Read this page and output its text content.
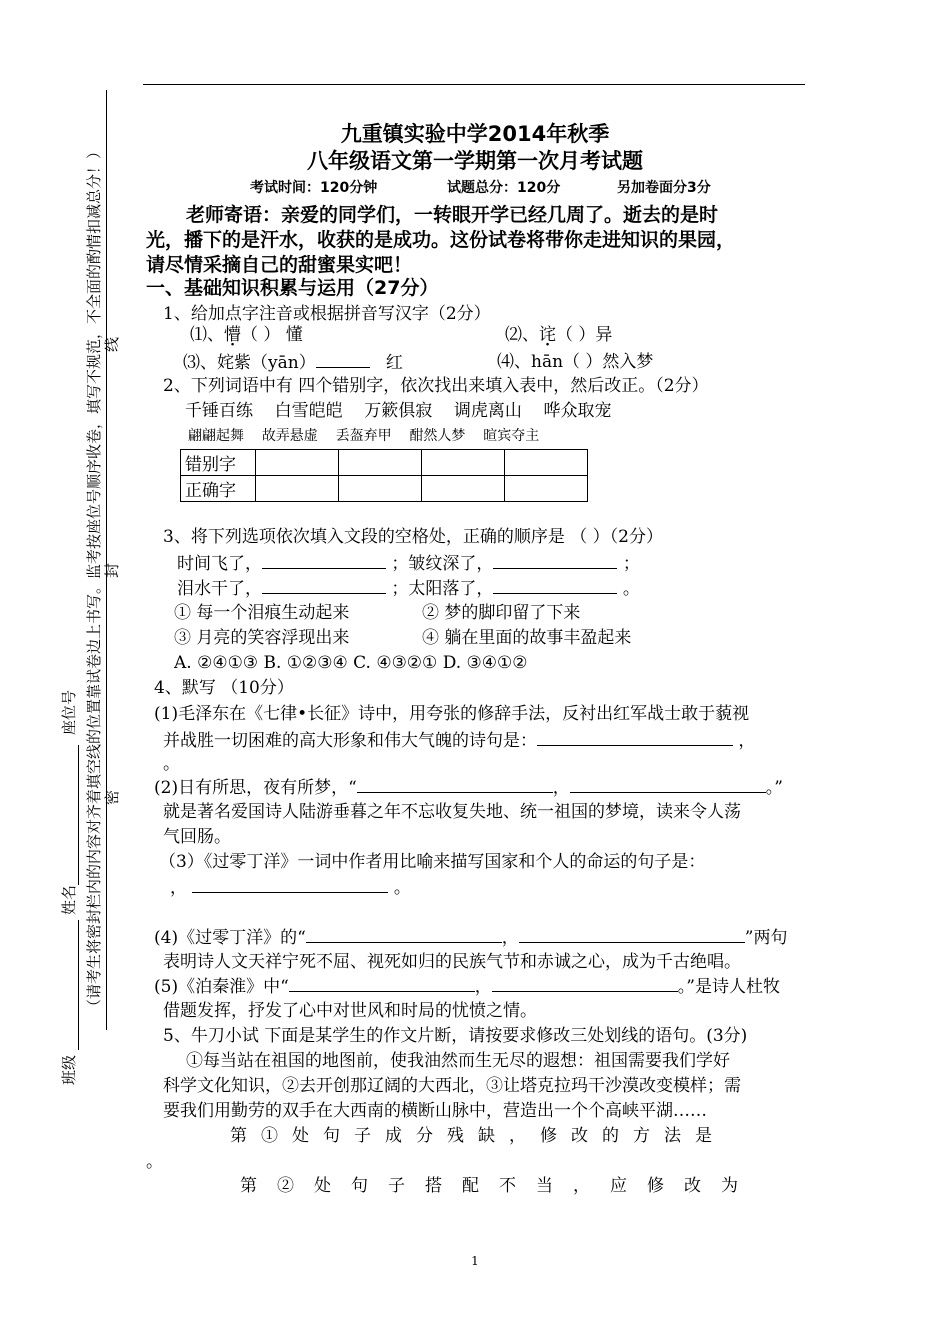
（请考生将密封栏内的内容对齐着填空线的位置靠试卷边上书写。监考按座位号顺序收卷，填写不规范，不全面的酌情扣减总分！） 线
封
密
班级
姓名
座位号
九重镇实验中学2014年秋季
八年级语文第一学期第一次月考试题
考试时间：120分钟	试题总分：120分	另加卷面分3分
老师寄语：亲爱的同学们，一转眼开学已经几周了。逝去的是时
光，播下的是汗水，收获的是成功。这份试卷将带你走进知识的果园，
请尽情采摘自己的甜蜜果实吧！
一、基础知识积累与运用（27分）
1、给加点字注音或根据拼音写汉字（2分）
⑴、懵（ ） 懂	⑵、诧（ ）异
⑶、姹紫（yān）	红	⑷、hān（ ）然入梦
2、下列词语中有 四个错别字，依次找出来填入表中，然后改正。（2分）
千锤百练 白雪皑皑 万簌俱寂 调虎离山 哗众取宠
翩翩起舞 故弄悬虚 丢盔弃甲 酣然人梦 暄宾夺主
错别字				
正确字				
3、将下列选项依次填入文段的空格处，正确的顺序是 （ ）（2分）
时间飞了，	；皱纹深了，	；
泪水干了，	；太阳落了，	。
① 每一个泪痕生动起来	② 梦的脚印留了下来
③ 月亮的笑容浮现出来	④ 躺在里面的故事丰盈起来
A. ②④①③ B. ①②③④ C. ④③②① D. ③④①②
4、默写 （10分）
(1)毛泽东在《七律•长征》诗中，用夸张的修辞手法，反衬出红军战士敢于藐视
并战胜一切困难的高大形象和伟大气魄的诗句是：	，
。
(2)日有所思，夜有所梦，“	，	。”
就是著名爱国诗人陆游垂暮之年不忘收复失地、统一祖国的梦境，读来令人荡
气回肠。
（3）《过零丁洋》一词中作者用比喻来描写国家和个人的命运的句子是：
，	。
(4)《过零丁洋》的“	，	”两句
表明诗人文天祥宁死不屈、视死如归的民族气节和赤诚之心，成为千古绝唱。
(5)《泊秦淮》中“	，	。”是诗人杜牧
借题发挥，抒发了心中对世风和时局的忧愤之情。
5、牛刀小试 下面是某学生的作文片断，请按要求修改三处划线的语句。(3分)
①每当站在祖国的地图前，使我油然而生无尽的遐想：祖国需要我们学好
科学文化知识，②去开创那辽阔的大西北，③让塔克拉玛干沙漠改变模样；需
要我们用勤劳的双手在大西南的横断山脉中，营造出一个个高峡平湖……
第①处句子成分残缺，修改的方法是
。
第②处句子搭配不当，应修改为
1
